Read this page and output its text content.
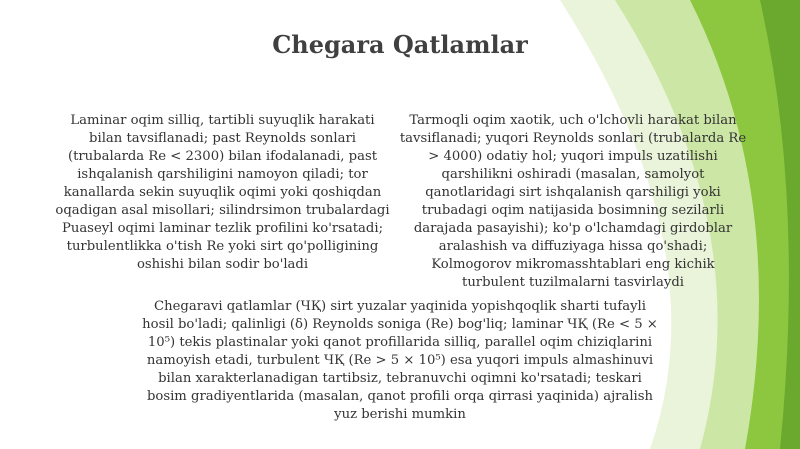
Chegara Qatlamlar
Laminar oqim silliq, tartibli suyuqlik harakati bilan tavsiflanadi; past Reynolds sonlari (trubalarda Re < 2300) bilan ifodalanadi, past ishqalanish qarshiligini namoyon qiladi; tor kanallarda sekin suyuqlik oqimi yoki qoshiqdan oqadigan asal misollari; silindrsimon trubalardagi Puaseyl oqimi laminar tezlik profilini ko'rsatadi; turbulentlikka o'tish Re yoki sirt qo'polligining oshishi bilan sodir bo'ladi
Tarmoqli oqim xaotik, uch o'lchovli harakat bilan tavsiflanadi; yuqori Reynolds sonlari (trubalarda Re > 4000) odatiy hol; yuqori impuls uzatilishi qarshilikni oshiradi (masalan, samolyot qanotlaridagi sirt ishqalanish qarshiligi yoki trubadagi oqim natijasida bosimning sezilarli darajada pasayishi); ko'p o'lchamdagi girdoblar aralashish va diffuziyaga hissa qo'shadi; Kolmogorov mikromasshtablari eng kichik turbulent tuzilmalarni tasvirlaydi
Chegaravi qatlamlar (ЧҚ) sirt yuzalar yaqinida yopishqoqlik sharti tufayli hosil bo'ladi; qalinligi (δ) Reynolds soniga (Re) bog'liq; laminar ЧҚ (Re < 5 × 10⁵) tekis plastinalar yoki qanot profillarida silliq, parallel oqim chiziqlarini namoyish etadi, turbulent ЧҚ (Re > 5 × 10⁵) esa yuqori impuls almashinuvi bilan xarakterlanadigan tartibsiz, tebranuvchi oqimni ko'rsatadi; teskari bosim gradiyentlarida (masalan, qanot profili orqa qirrasi yaqinida) ajralish yuz berishi mumkin
